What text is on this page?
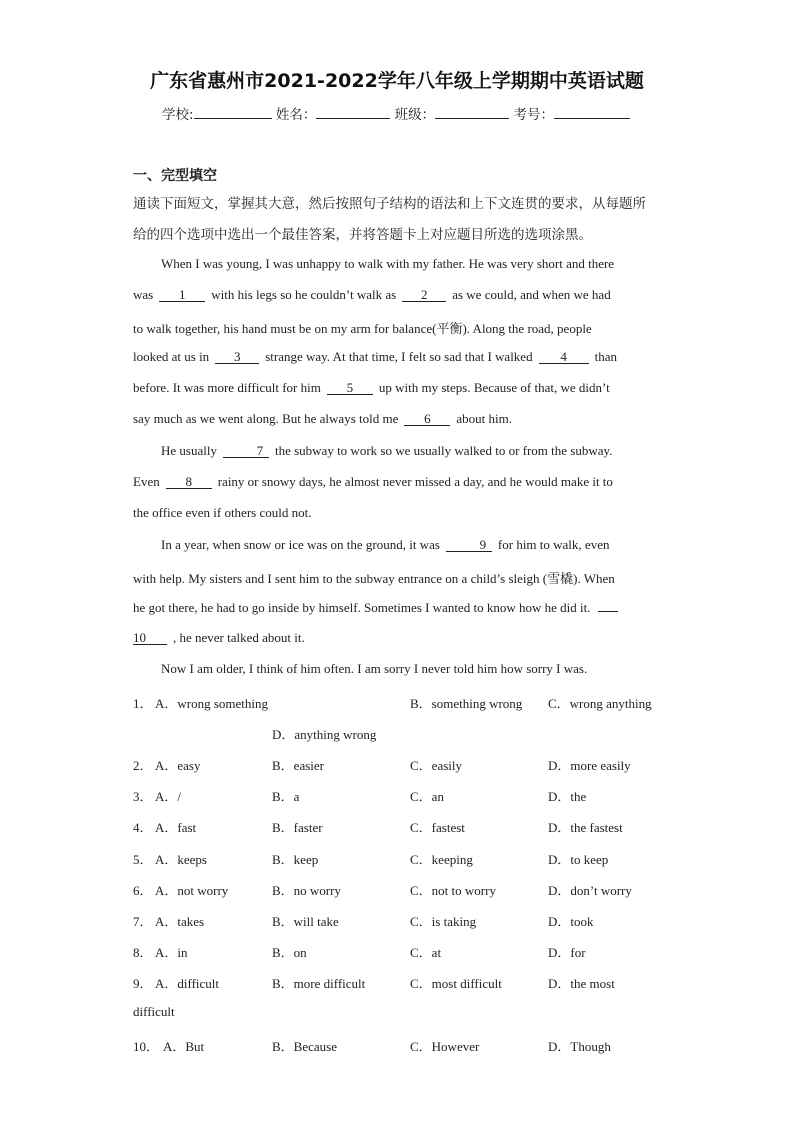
广东省惠州市2021-2022学年八年级上学期期中英语试题
学校:	姓名：	班级：	考号：
一、完型填空
通读下面短文，掌握其大意，然后按照句子结构的语法和上下文连贯的要求，从每题所
给的四个选项中选出一个最佳答案，并将答题卡上对应题目所选的选项涂黑。
When I was young, I was unhappy to walk with my father. He was very short and there
was 1 with his legs so he couldn’t walk as 2 as we could, and when we had
to walk together, his hand must be on my arm for balance(平衡). Along the road, people
looked at us in 3 strange way. At that time, I felt so sad that I walked 4 than
before. It was more difficult for him 5 up with my steps. Because of that, we didn’t
say much as we went along. But he always told me 6 about him.
He usually	7 the subway to work so we usually walked to or from the subway.
Even 8 rainy or snowy days, he almost never missed a day, and he would make it to
the office even if others could not.
In a year, when snow or ice was on the ground, it was	9 for him to walk, even
with help. My sisters and I sent him to the subway entrance on a child’s sleigh (雪橇). When
he got there, he had to go inside by himself. Sometimes I wanted to know how he did it.
10 , he never talked about it.
Now I am older, I think of him often. I am sorry I never told him how sorry I was.
1． A．wrong something	B．something wrong C．wrong anything
D．anything wrong
2． A．easy	B．easier	C．easily	D．more easily
3． A．/	B．a	C．an	D．the
4． A．fast	B．faster	C．fastest	D．the fastest
5． A．keeps	B．keep	C．keeping	D．to keep
6． A．not worry	B．no worry	C．not to worry	D．don’t worry
7． A．takes	B．will take	C．is taking	D．took
8． A．in	B．on	C．at	D．for
9． A．difficult	B．more difficult	C．most difficult	D．the most
difficult
10． A．But	B．Because	C．However	D．Though
